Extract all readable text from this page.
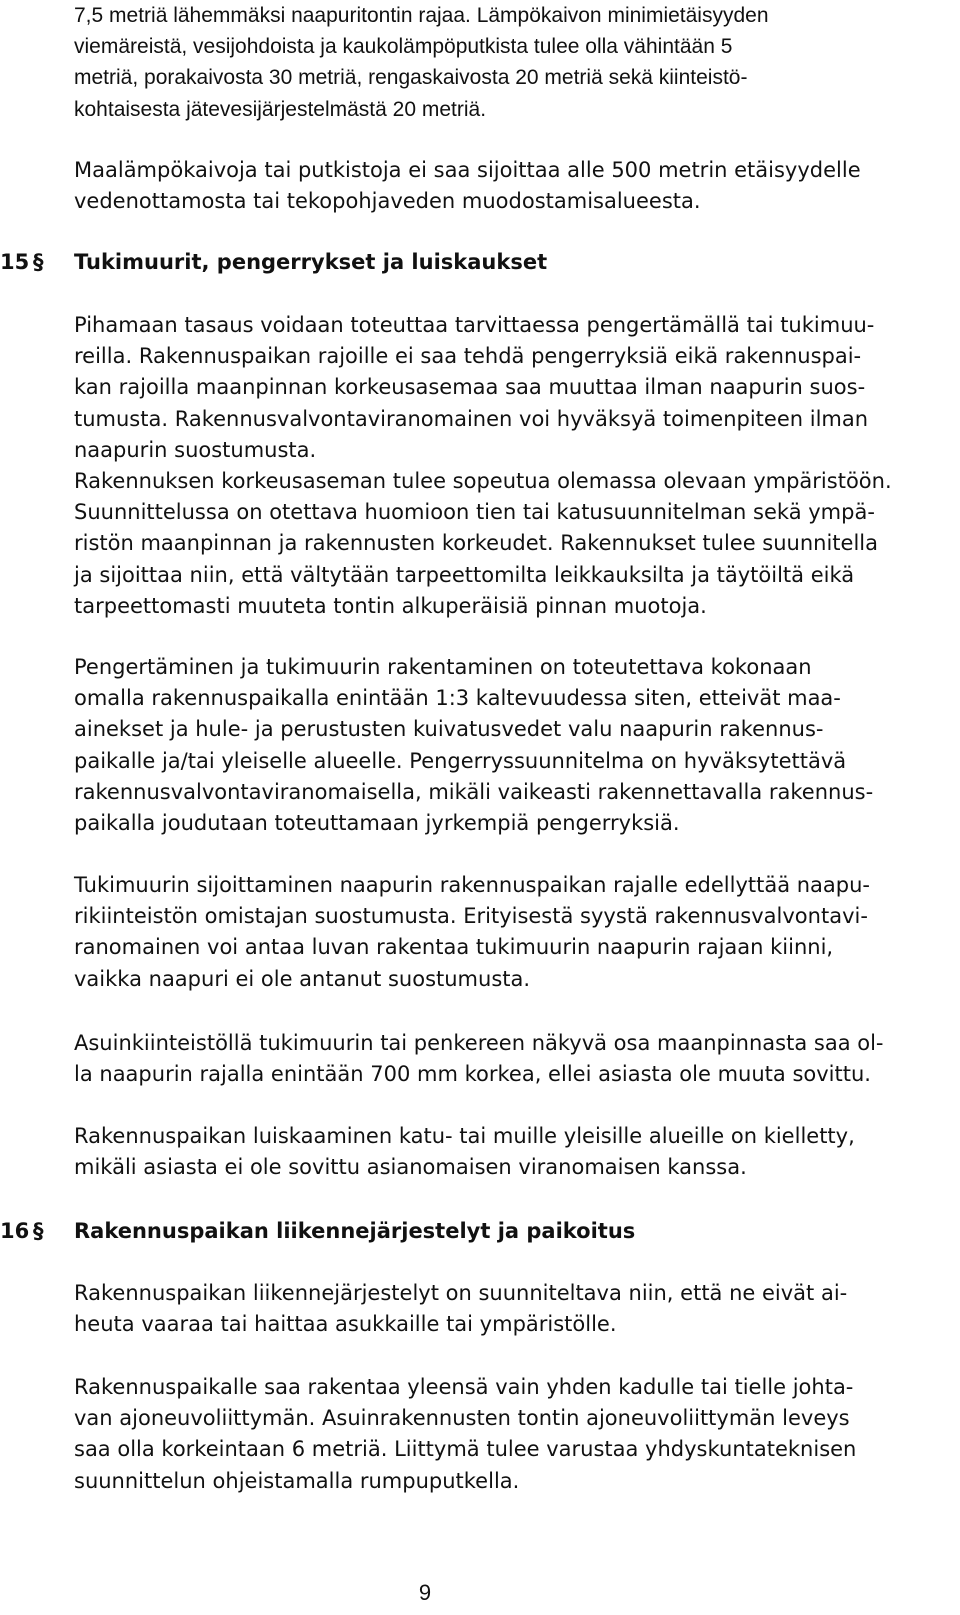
7,5 metriä lähemmäksi naapuritontin rajaa. Lämpökaivon minimietäisyyden
viemäreistä, vesijohdoista ja kaukolämpöputkista tulee olla vähintään 5
metriä, porakaivosta 30 metriä, rengaskaivosta 20 metriä sekä kiinteistö-
kohtaisesta jätevesijärjestelmästä 20 metriä.
Maalämpökaivoja tai putkistoja ei saa sijoittaa alle 500 metrin etäisyydelle
vedenottamosta tai tekopohjaveden muodostamisalueesta.
15 § Tukimuurit, pengerrykset ja luiskaukset
Pihamaan tasaus voidaan toteuttaa tarvittaessa pengertämällä tai tukimuu-
reilla. Rakennuspaikan rajoille ei saa tehdä pengerryksiä eikä rakennuspai-
kan rajoilla maanpinnan korkeusasemaa saa muuttaa ilman naapurin suos-
tumusta. Rakennusvalvontaviranomainen voi hyväksyä toimenpiteen ilman
naapurin suostumusta.
Rakennuksen korkeusaseman tulee sopeutua olemassa olevaan ympäristöön.
Suunnittelussa on otettava huomioon tien tai katusuunnitelman sekä ympä-
ristön maanpinnan ja rakennusten korkeudet. Rakennukset tulee suunnitella
ja sijoittaa niin, että vältytään tarpeettomilta leikkauksilta ja täytöiltä eikä
tarpeettomasti muuteta tontin alkuperäisiä pinnan muotoja.
Pengertäminen ja tukimuurin rakentaminen on toteutettava kokonaan
omalla rakennuspaikalla enintään 1:3 kaltevuudessa siten, etteivät maa-
ainekset ja hule- ja perustusten kuivatusvedet valu naapurin rakennus-
paikalle ja/tai yleiselle alueelle. Pengerryssuunnitelma on hyväksytettävä
rakennusvalvontaviranomaisella, mikäli vaikeasti rakennettavalla rakennus-
paikalla joudutaan toteuttamaan jyrkempiä pengerryksiä.
Tukimuurin sijoittaminen naapurin rakennuspaikan rajalle edellyttää naapu-
rikiinteistön omistajan suostumusta. Erityisestä syystä rakennusvalvontavi-
ranomainen voi antaa luvan rakentaa tukimuurin naapurin rajaan kiinni,
vaikka naapuri ei ole antanut suostumusta.
Asuinkiinteistöllä tukimuurin tai penkereen näkyvä osa maanpinnasta saa ol-
la naapurin rajalla enintään 700 mm korkea, ellei asiasta ole muuta sovittu.
Rakennuspaikan luiskaaminen katu- tai muille yleisille alueille on kielletty,
mikäli asiasta ei ole sovittu asianomaisen viranomaisen kanssa.
16 § Rakennuspaikan liikennejärjestelyt ja paikoitus
Rakennuspaikan liikennejärjestelyt on suunniteltava niin, että ne eivät ai-
heuta vaaraa tai haittaa asukkaille tai ympäristölle.
Rakennuspaikalle saa rakentaa yleensä vain yhden kadulle tai tielle johta-
van ajoneuvoliittymän. Asuinrakennusten tontin ajoneuvoliittymän leveys
saa olla korkeintaan 6 metriä. Liittymä tulee varustaa yhdyskuntateknisen
suunnittelun ohjeistamalla rumpuputkella.
9
